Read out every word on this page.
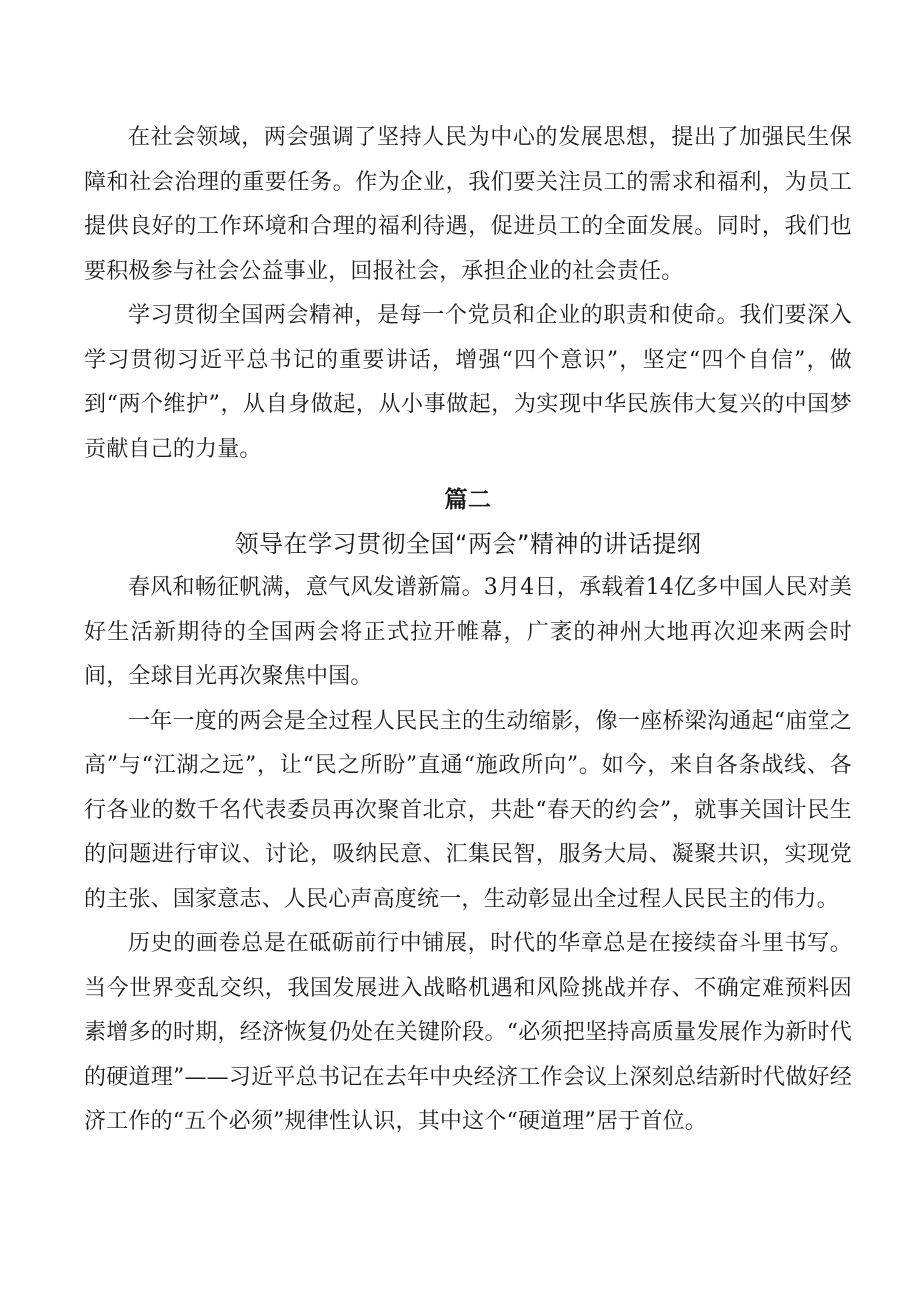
在社会领域，两会强调了坚持人民为中心的发展思想，提出了加强民生保障和社会治理的重要任务。作为企业，我们要关注员工的需求和福利，为员工提供良好的工作环境和合理的福利待遇，促进员工的全面发展。同时，我们也要积极参与社会公益事业，回报社会，承担企业的社会责任。

学习贯彻全国两会精神，是每一个党员和企业的职责和使命。我们要深入学习贯彻习近平总书记的重要讲话，增强“四个意识”，坚定“四个自信”，做到“两个维护”，从自身做起，从小事做起，为实现中华民族伟大复兴的中国梦贡献自己的力量。

篇二
领导在学习贯彻全国“两会”精神的讲话提纲

春风和畅征帆满，意气风发谱新篇。3月4日，承载着14亿多中国人民对美好生活新期待的全国两会将正式拉开帷幕，广袤的神州大地再次迎来两会时间，全球目光再次聚焦中国。

一年一度的两会是全过程人民民主的生动缩影，像一座桥梁沟通起“庙堂之高”与“江湖之远”，让“民之所盼”直通“施政所向”。如今，来自各条战线、各行各业的数千名代表委员再次聚首北京，共赴“春天的约会”，就事关国计民生的问题进行审议、讨论，吸纳民意、汇集民智，服务大局、凝聚共识，实现党的主张、国家意志、人民心声高度统一，生动彰显出全过程人民民主的伟力。

历史的画卷总是在砥砺前行中铺展，时代的华章总是在接续奋斗里书写。当今世界变乱交织，我国发展进入战略机遇和风险挑战并存、不确定难预料因素增多的时期，经济恢复仍处在关键阶段。“必须把坚持高质量发展作为新时代的硬道理”——习近平总书记在去年中央经济工作会议上深刻总结新时代做好经济工作的“五个必须”规律性认识，其中这个“硬道理”居于首位。
